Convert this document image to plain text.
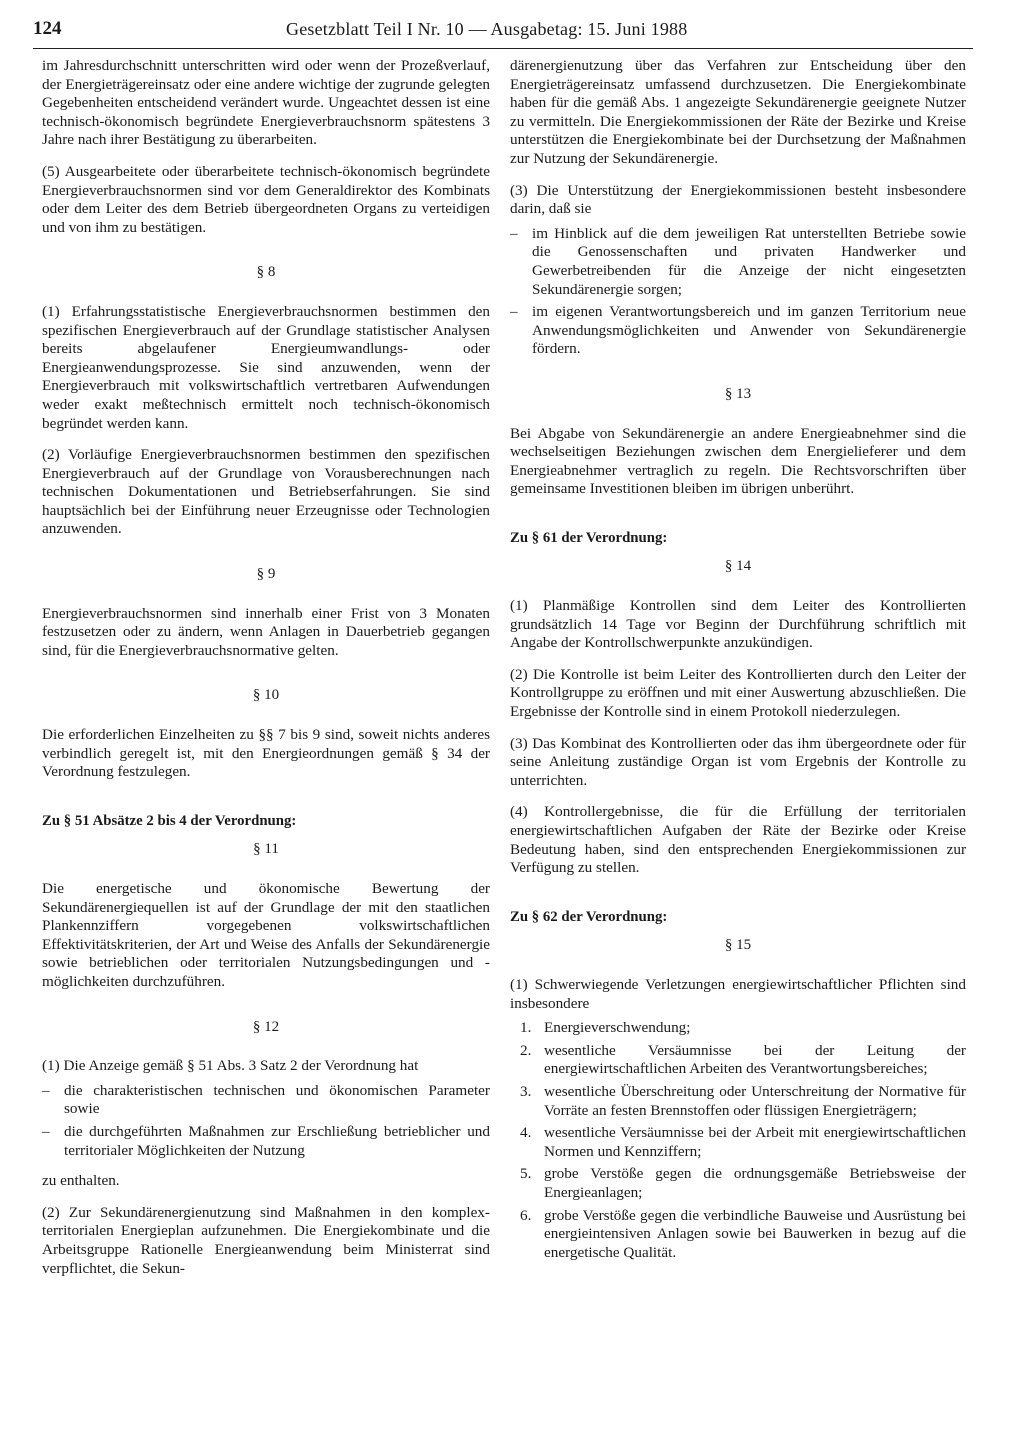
124	Gesetzblatt Teil I Nr. 10 — Ausgabetag: 15. Juni 1988

im Jahresdurchschnitt unterschritten wird oder wenn der Prozeßverlauf, der Energieträgereinsatz oder eine andere wichtige der zugrunde gelegten Gegebenheiten entscheidend verändert wurde. Ungeachtet dessen ist eine technisch-ökonomisch begründete Energieverbrauchsnorm spätestens 3 Jahre nach ihrer Bestätigung zu überarbeiten.

(5) Ausgearbeitete oder überarbeitete technisch-ökonomisch begründete Energieverbrauchsnormen sind vor dem Generaldirektor des Kombinats oder dem Leiter des dem Betrieb übergeordneten Organs zu verteidigen und von ihm zu bestätigen.

§ 8

(1) Erfahrungsstatistische Energieverbrauchsnormen bestimmen den spezifischen Energieverbrauch auf der Grundlage statistischer Analysen bereits abgelaufener Energieumwandlungs- oder Energieanwendungsprozesse. Sie sind anzuwenden, wenn der Energieverbrauch mit volkswirtschaftlich vertretbaren Aufwendungen weder exakt meßtechnisch ermittelt noch technisch-ökonomisch begründet werden kann.

(2) Vorläufige Energieverbrauchsnormen bestimmen den spezifischen Energieverbrauch auf der Grundlage von Vorausberechnungen nach technischen Dokumentationen und Betriebserfahrungen. Sie sind hauptsächlich bei der Einführung neuer Erzeugnisse oder Technologien anzuwenden.

§ 9

Energieverbrauchsnormen sind innerhalb einer Frist von 3 Monaten festzusetzen oder zu ändern, wenn Anlagen in Dauerbetrieb gegangen sind, für die Energieverbrauchsnormative gelten.

§ 10

Die erforderlichen Einzelheiten zu §§ 7 bis 9 sind, soweit nichts anderes verbindlich geregelt ist, mit den Energieordnungen gemäß § 34 der Verordnung festzulegen.

Zu § 51 Absätze 2 bis 4 der Verordnung:
§ 11

Die energetische und ökonomische Bewertung der Sekundärenergiequellen ist auf der Grundlage der mit den staatlichen Plankennziffern vorgegebenen volkswirtschaftlichen Effektivitätskriterien, der Art und Weise des Anfalls der Sekundärenergie sowie betrieblichen oder territorialen Nutzungsbedingungen und -möglichkeiten durchzuführen.

§ 12

(1) Die Anzeige gemäß § 51 Abs. 3 Satz 2 der Verordnung hat

– die charakteristischen technischen und ökonomischen Parameter sowie
– die durchgeführten Maßnahmen zur Erschließung betrieblicher und territorialer Möglichkeiten der Nutzung

zu enthalten.

(2) Zur Sekundärenergienutzung sind Maßnahmen in den komplex-territorialen Energieplan aufzunehmen. Die Energiekombinate und die Arbeitsgruppe Rationelle Energieanwendung beim Ministerrat sind verpflichtet, die Sekun-

därenergienutzung über das Verfahren zur Entscheidung über den Energieträgereinsatz umfassend durchzusetzen. Die Energiekombinate haben für die gemäß Abs. 1 angezeigte Sekundärenergie geeignete Nutzer zu vermitteln. Die Energiekommissionen der Räte der Bezirke und Kreise unterstützen die Energiekombinate bei der Durchsetzung der Maßnahmen zur Nutzung der Sekundärenergie.

(3) Die Unterstützung der Energiekommissionen besteht insbesondere darin, daß sie

– im Hinblick auf die dem jeweiligen Rat unterstellten Betriebe sowie die Genossenschaften und privaten Handwerker und Gewerbetreibenden für die Anzeige der nicht eingesetzten Sekundärenergie sorgen;
– im eigenen Verantwortungsbereich und im ganzen Territorium neue Anwendungsmöglichkeiten und Anwender von Sekundärenergie fördern.
§ 13

Bei Abgabe von Sekundärenergie an andere Energieabnehmer sind die wechselseitigen Beziehungen zwischen dem Energielieferer und dem Energieabnehmer vertraglich zu regeln. Die Rechtsvorschriften über gemeinsame Investitionen bleiben im übrigen unberührt.

Zu § 61 der Verordnung:
§ 14

(1) Planmäßige Kontrollen sind dem Leiter des Kontrollierten grundsätzlich 14 Tage vor Beginn der Durchführung schriftlich mit Angabe der Kontrollschwerpunkte anzukündigen.

(2) Die Kontrolle ist beim Leiter des Kontrollierten durch den Leiter der Kontrollgruppe zu eröffnen und mit einer Auswertung abzuschließen. Die Ergebnisse der Kontrolle sind in einem Protokoll niederzulegen.

(3) Das Kombinat des Kontrollierten oder das ihm übergeordnete oder für seine Anleitung zuständige Organ ist vom Ergebnis der Kontrolle zu unterrichten.

(4) Kontrollergebnisse, die für die Erfüllung der territorialen energiewirtschaftlichen Aufgaben der Räte der Bezirke oder Kreise Bedeutung haben, sind den entsprechenden Energiekommissionen zur Verfügung zu stellen.

Zu § 62 der Verordnung:
§ 15

(1) Schwerwiegende Verletzungen energiewirtschaftlicher Pflichten sind insbesondere

1. Energieverschwendung;
2. wesentliche Versäumnisse bei der Leitung der energiewirtschaftlichen Arbeiten des Verantwortungsbereiches;
3. wesentliche Überschreitung oder Unterschreitung der Normative für Vorräte an festen Brennstoffen oder flüssigen Energieträgern;
4. wesentliche Versäumnisse bei der Arbeit mit energiewirtschaftlichen Normen und Kennziffern;
5. grobe Verstöße gegen die ordnungsgemäße Betriebsweise der Energieanlagen;
6. grobe Verstöße gegen die verbindliche Bauweise und Ausrüstung bei energieintensiven Anlagen sowie bei Bauwerken in bezug auf die energetische Qualität.
